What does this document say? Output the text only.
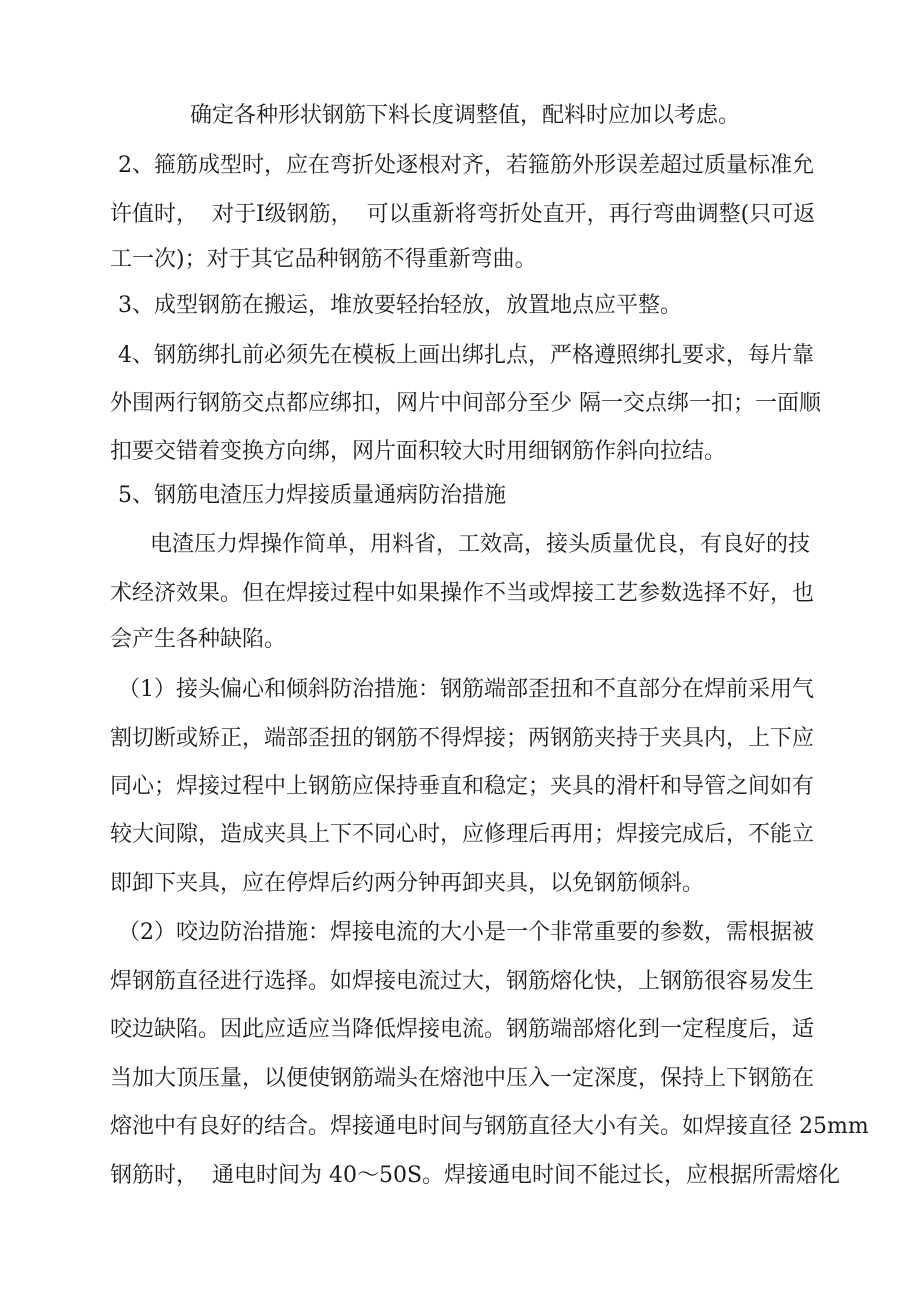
确定各种形状钢筋下料长度调整值，配料时应加以考虑。
2、箍筋成型时，应在弯折处逐根对齐，若箍筋外形误差超过质量标准允
许值时，  对于Ⅰ级钢筋，  可以重新将弯折处直开，再行弯曲调整(只可返
工一次)；对于其它品种钢筋不得重新弯曲。
3、成型钢筋在搬运，堆放要轻抬轻放，放置地点应平整。
4、钢筋绑扎前必须先在模板上画出绑扎点，严格遵照绑扎要求，每片靠
外围两行钢筋交点都应绑扣，网片中间部分至少 隔一交点绑一扣；一面顺
扣要交错着变换方向绑，网片面积较大时用细钢筋作斜向拉结。
5、钢筋电渣压力焊接质量通病防治措施
电渣压力焊操作简单，用料省，工效高，接头质量优良，有良好的技
术经济效果。但在焊接过程中如果操作不当或焊接工艺参数选择不好，也
会产生各种缺陷。
（1）接头偏心和倾斜防治措施：钢筋端部歪扭和不直部分在焊前采用气
割切断或矫正，端部歪扭的钢筋不得焊接；两钢筋夹持于夹具内，上下应
同心；焊接过程中上钢筋应保持垂直和稳定；夹具的滑杆和导管之间如有
较大间隙，造成夹具上下不同心时，应修理后再用；焊接完成后，不能立
即卸下夹具，应在停焊后约两分钟再卸夹具，以免钢筋倾斜。
（2）咬边防治措施：焊接电流的大小是一个非常重要的参数，需根据被
焊钢筋直径进行选择。如焊接电流过大，钢筋熔化快，上钢筋很容易发生
咬边缺陷。因此应适应当降低焊接电流。钢筋端部熔化到一定程度后，适
当加大顶压量，以便使钢筋端头在熔池中压入一定深度，保持上下钢筋在
熔池中有良好的结合。焊接通电时间与钢筋直径大小有关。如焊接直径 25mm
钢筋时，  通电时间为 40～50S。焊接通电时间不能过长，应根据所需熔化
